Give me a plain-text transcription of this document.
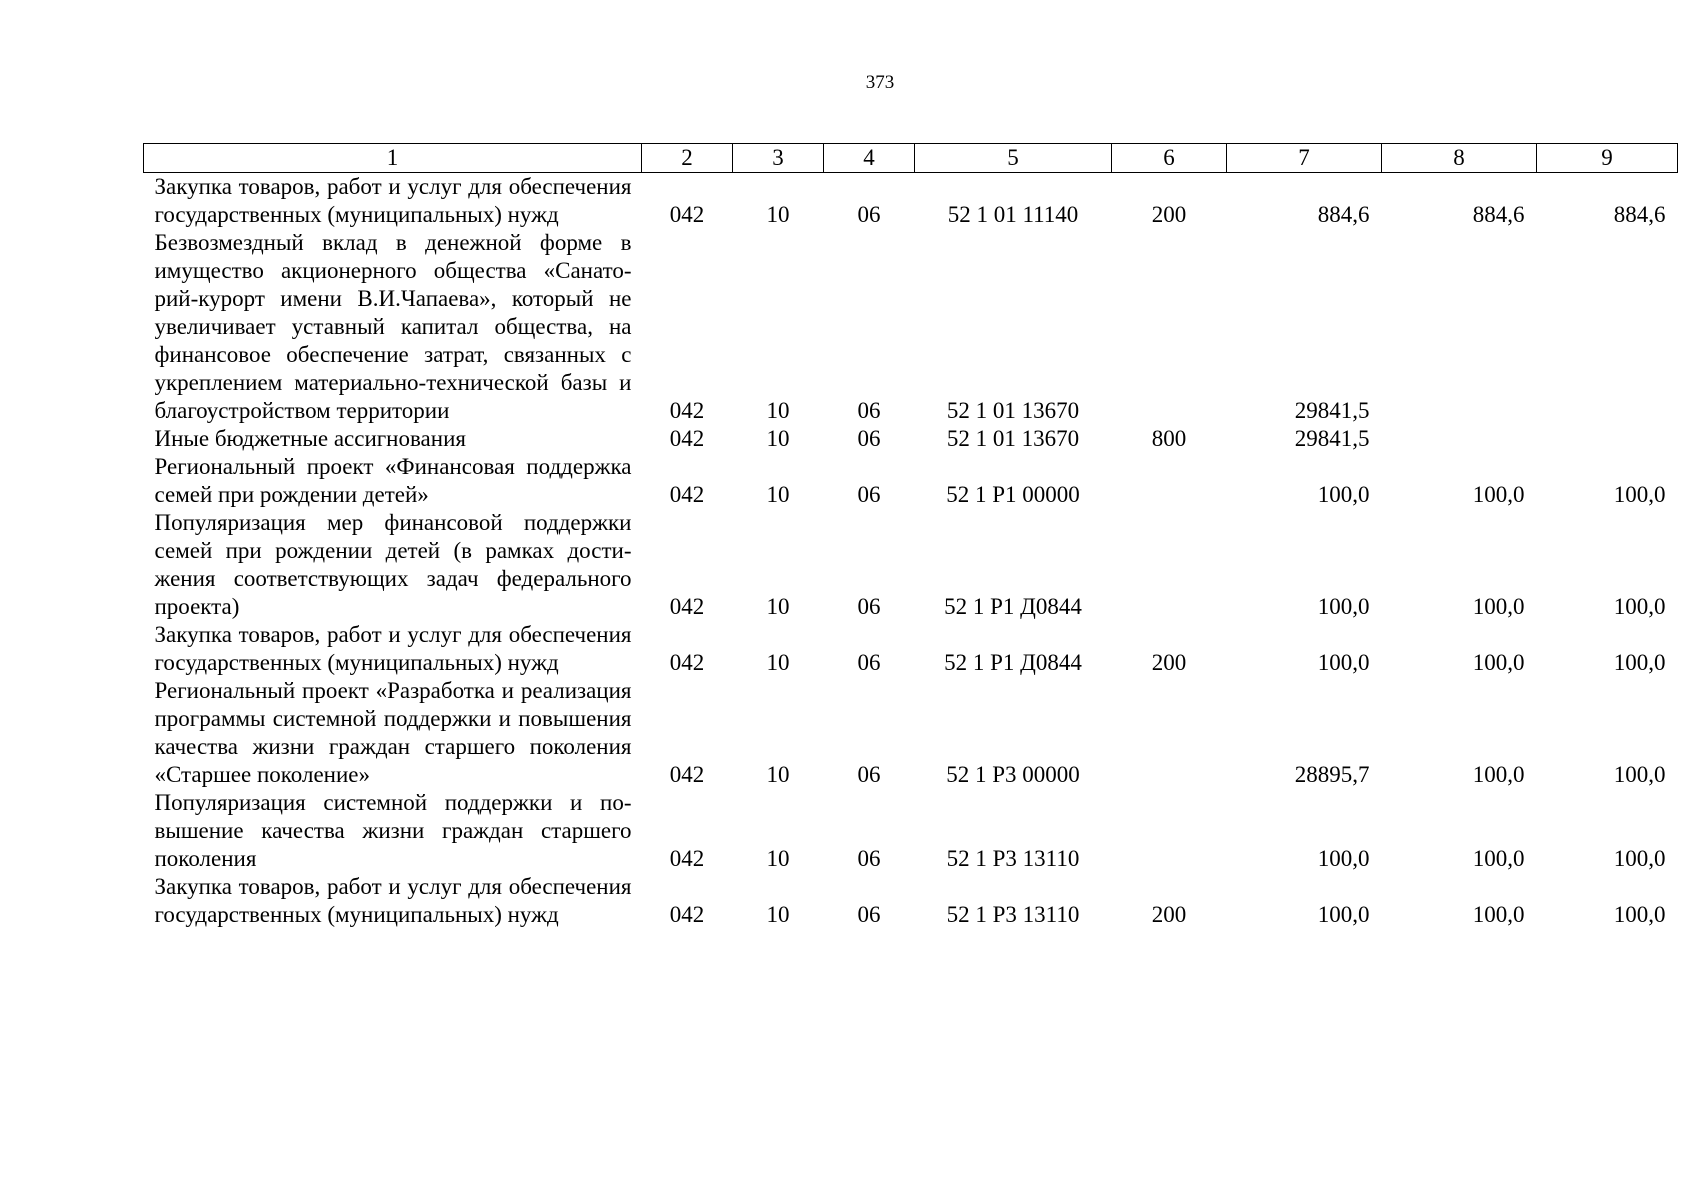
373
1	2	3	4	5	6	7	8	9
Закупка товаров, работ и услуг для обеспечения государственных (муниципальных) нужд	042	10	06	52 1 01 11140	200	884,6	884,6	884,6
Безвозмездный вклад в денежной форме в имущество акционерного общества «Санаторий-курорт имени В.И.Чапаева», который не увеличивает уставный капитал общества, на финансовое обеспечение затрат, связанных с укреплением материально-технической базы и благоустройством территории	042	10	06	52 1 01 13670		29841,5		
Иные бюджетные ассигнования	042	10	06	52 1 01 13670	800	29841,5		
Региональный проект «Финансовая поддержка семей при рождении детей»	042	10	06	52 1 Р1 00000		100,0	100,0	100,0
Популяризация мер финансовой поддержки семей при рождении детей (в рамках достижения соответствующих задач федерального проекта)	042	10	06	52 1 Р1 Д0844		100,0	100,0	100,0
Закупка товаров, работ и услуг для обеспечения государственных (муниципальных) нужд	042	10	06	52 1 Р1 Д0844	200	100,0	100,0	100,0
Региональный проект «Разработка и реализация программы системной поддержки и повышения качества жизни граждан старшего поколения «Старшее поколение»	042	10	06	52 1 Р3 00000		28895,7	100,0	100,0
Популяризация системной поддержки и повышение качества жизни граждан старшего поколения	042	10	06	52 1 Р3 13110		100,0	100,0	100,0
Закупка товаров, работ и услуг для обеспечения государственных (муниципальных) нужд	042	10	06	52 1 Р3 13110	200	100,0	100,0	100,0
